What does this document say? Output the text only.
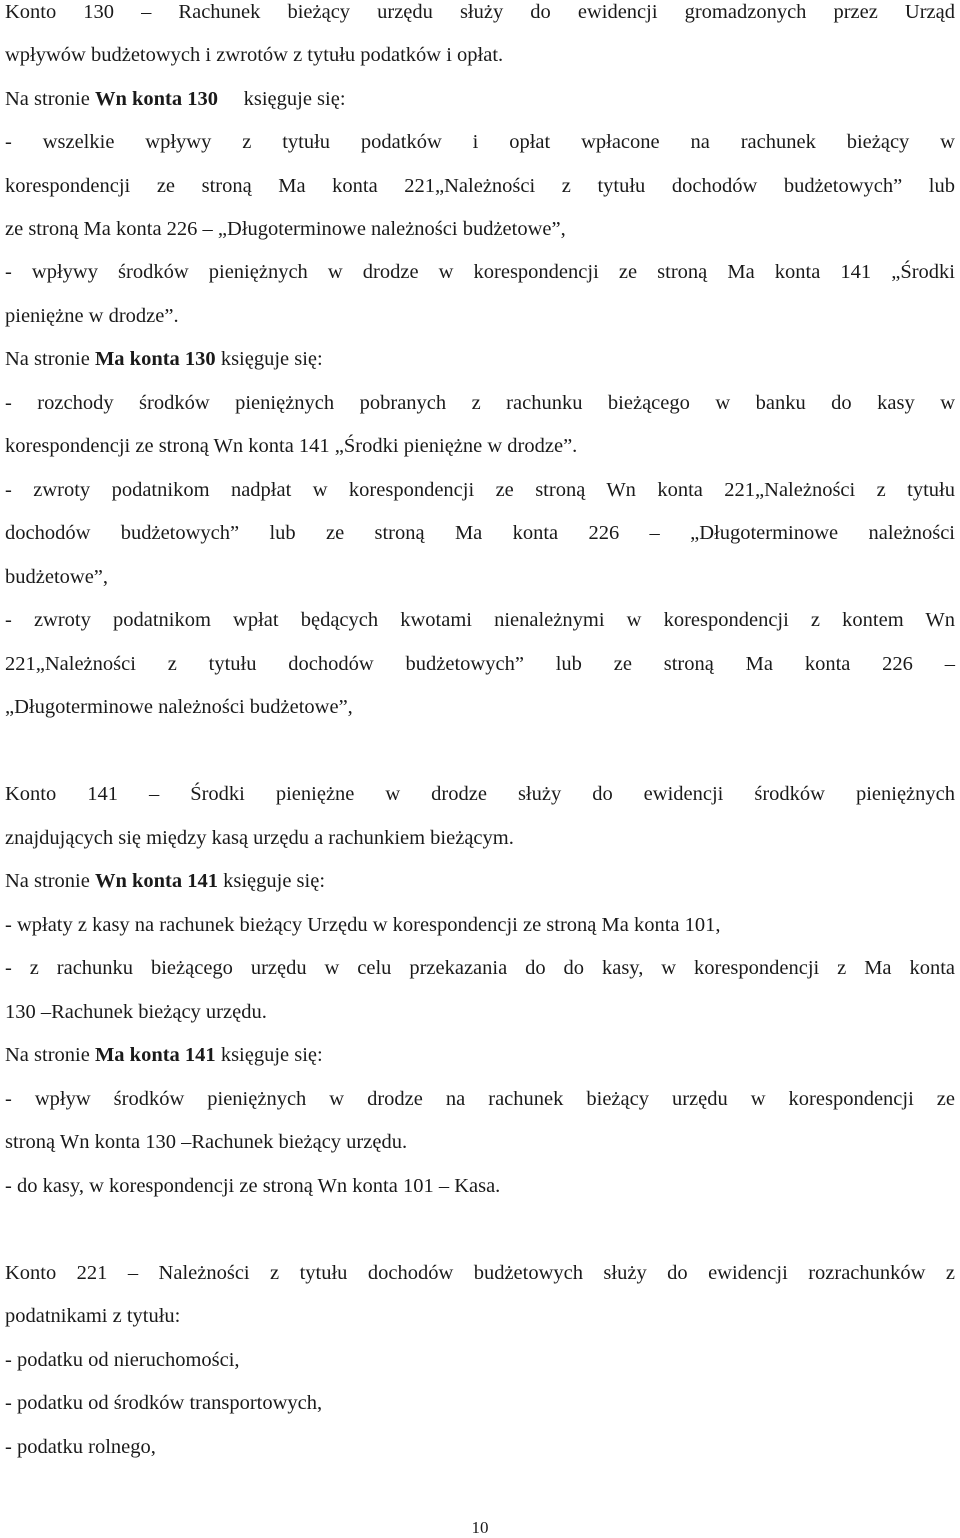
Konto 130 – Rachunek bieżący urzędu służy do ewidencji gromadzonych przez Urząd
wpływów budżetowych i zwrotów z tytułu podatków i opłat.
Na stronie Wn konta 130     księguje się:
- wszelkie wpływy z tytułu podatków i opłat wpłacone na rachunek bieżący w
korespondencji ze stroną Ma konta 221„Należności z tytułu dochodów budżetowych” lub
ze stroną Ma konta 226 – „Długoterminowe należności budżetowe”,
- wpływy środków pieniężnych w drodze w korespondencji ze stroną Ma konta 141 „Środki
pieniężne w drodze”.
Na stronie Ma konta 130 księguje się:
- rozchody środków pieniężnych pobranych z rachunku bieżącego w banku do kasy w
korespondencji ze stroną Wn konta 141 „Środki pieniężne w drodze”.
- zwroty podatnikom nadpłat w korespondencji ze stroną Wn konta 221„Należności z tytułu
dochodów budżetowych” lub ze stroną Ma konta 226 – „Długoterminowe należności
budżetowe”,
- zwroty podatnikom wpłat będących kwotami nienależnymi w korespondencji z kontem Wn
221„Należności z tytułu dochodów budżetowych” lub ze stroną Ma konta 226 –
„Długoterminowe należności budżetowe”,
Konto 141 – Środki pieniężne w drodze służy do ewidencji środków pieniężnych
znajdujących się między kasą urzędu a rachunkiem bieżącym.
Na stronie Wn konta 141 księguje się:
- wpłaty z kasy na rachunek bieżący Urzędu w korespondencji ze stroną Ma konta 101,
- z rachunku bieżącego urzędu w celu przekazania do do kasy, w korespondencji z Ma konta
130 –Rachunek bieżący urzędu.
Na stronie Ma konta 141 księguje się:
- wpływ środków pieniężnych w drodze na rachunek bieżący urzędu w korespondencji ze
stroną Wn konta 130 –Rachunek bieżący urzędu.
- do kasy, w korespondencji ze stroną Wn konta 101 – Kasa.
Konto 221 – Należności z tytułu dochodów budżetowych służy do ewidencji rozrachunków z
podatnikami z tytułu:
- podatku od nieruchomości,
- podatku od środków transportowych,
- podatku rolnego,
10
